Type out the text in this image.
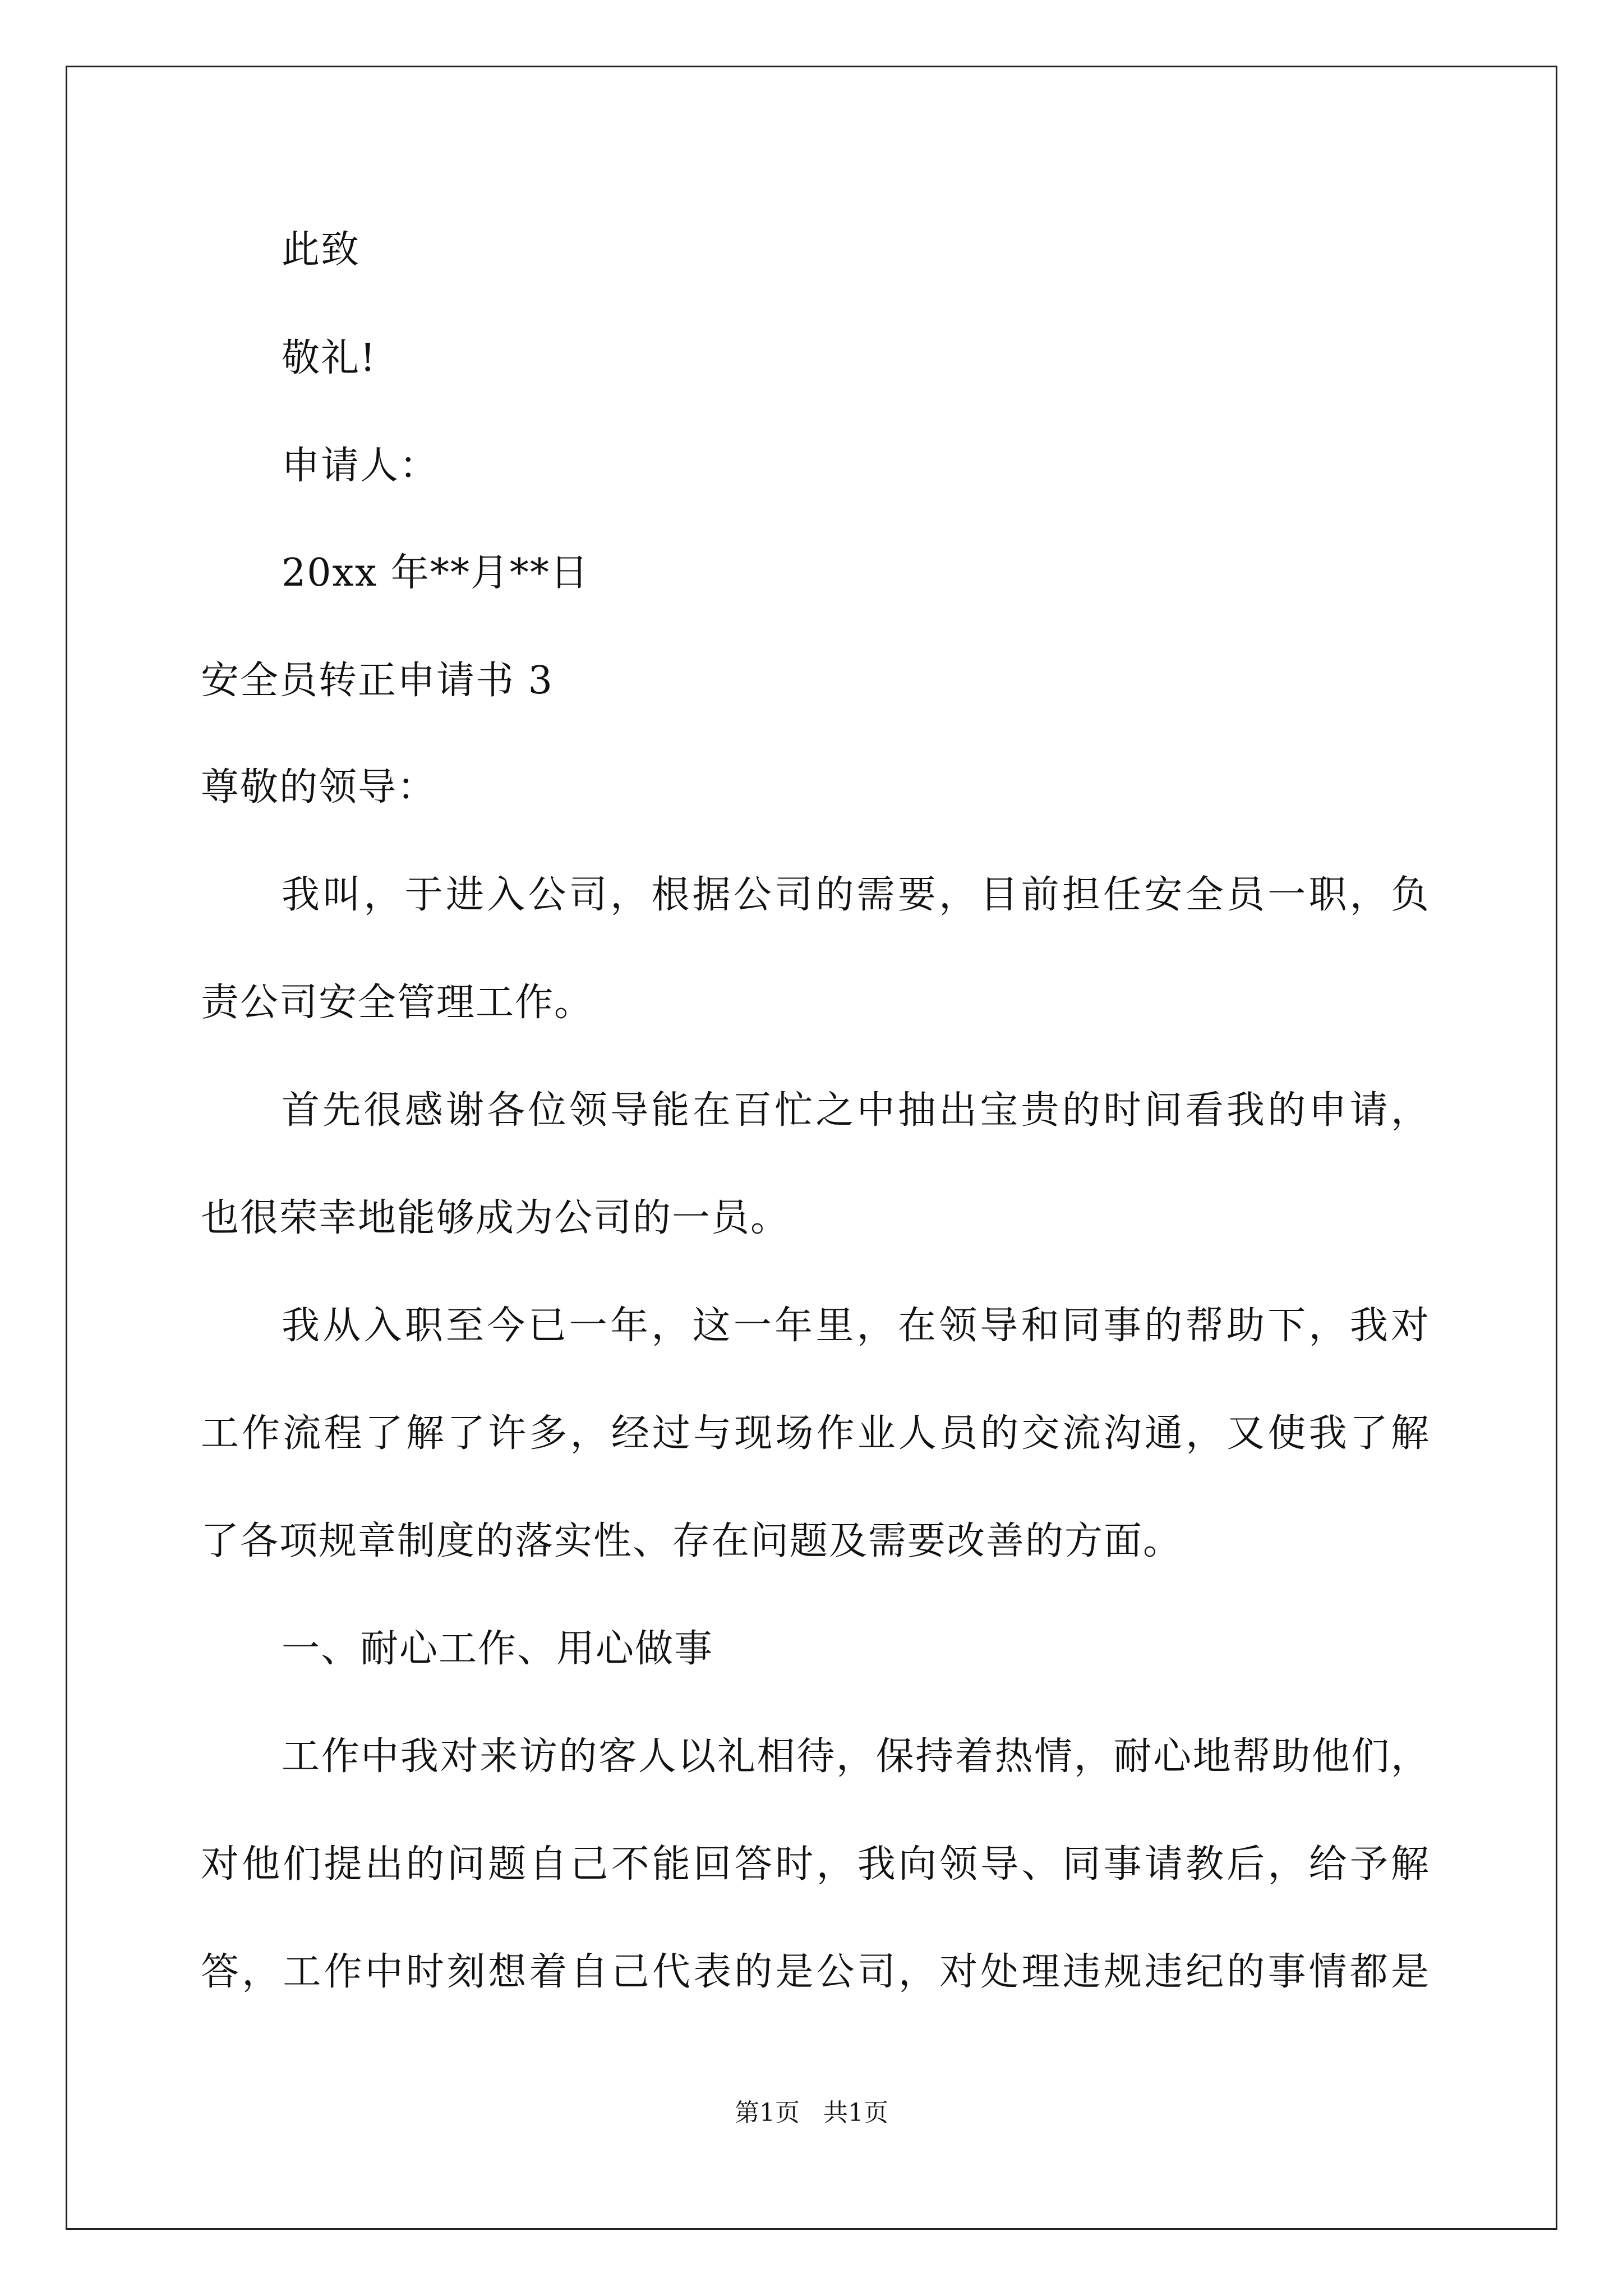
此致
敬礼!
申请人：
20xx 年**月**日
安全员转正申请书 3
尊敬的领导：
我叫，于进入公司，根据公司的需要，目前担任安全员一职，负
责公司安全管理工作。
首先很感谢各位领导能在百忙之中抽出宝贵的时间看我的申请，
也很荣幸地能够成为公司的一员。
我从入职至今已一年，这一年里，在领导和同事的帮助下，我对
工作流程了解了许多，经过与现场作业人员的交流沟通，又使我了解
了各项规章制度的落实性、存在问题及需要改善的方面。
一、耐心工作、用心做事
工作中我对来访的客人以礼相待，保持着热情，耐心地帮助他们，
对他们提出的问题自己不能回答时，我向领导、同事请教后，给予解
答，工作中时刻想着自己代表的是公司，对处理违规违纪的事情都是
第1页   共1页
